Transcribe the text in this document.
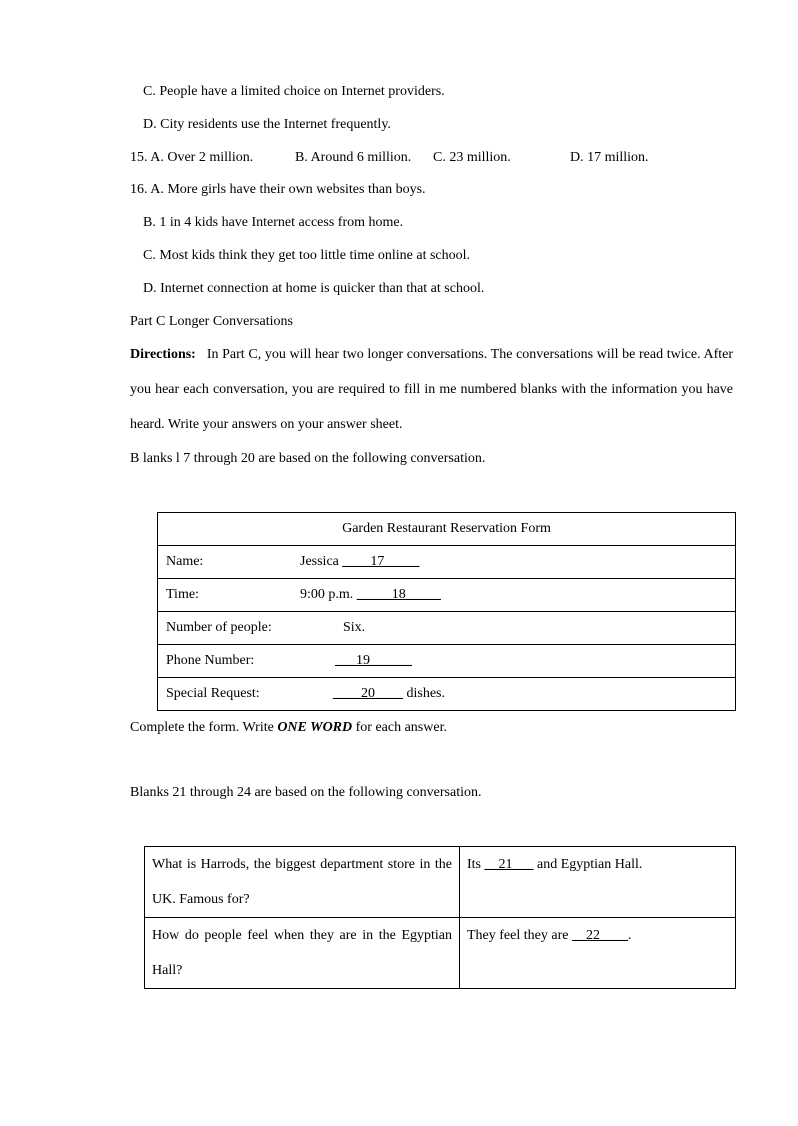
C. People have a limited choice on Internet providers.
D. City residents use the Internet frequently.
15. A. Over 2 million.	B. Around 6 million. C. 23 million.	D. 17 million.
16. A. More girls have their own websites than boys.
B. 1 in 4 kids have Internet access from home.
C. Most kids think they get too little time online at school.
D. Internet connection at home is quicker than that at school.
Part C Longer Conversations
Directions: In Part C, you will hear two longer conversations. The conversations will be read twice. After you hear each conversation, you are required to fill in me numbered blanks with the information you have heard. Write your answers on your answer sheet.
B lanks l 7 through 20 are based on the following conversation.
Garden Restaurant Reservation Form	
Name:	Jessica ____17_____
Time:	9:00 p.m. _____18_____
Number of people:	Six.
Phone Number:	___19______
Special Request:	____20____ dishes.
Complete the form. Write ONE WORD for each answer.
Blanks 21 through 24 are based on the following conversation.
What is Harrods, the biggest department store in the UK. Famous for?	Its __21___ and Egyptian Hall.
How do people feel when they are in the Egyptian Hall?	They feel they are __22____.
